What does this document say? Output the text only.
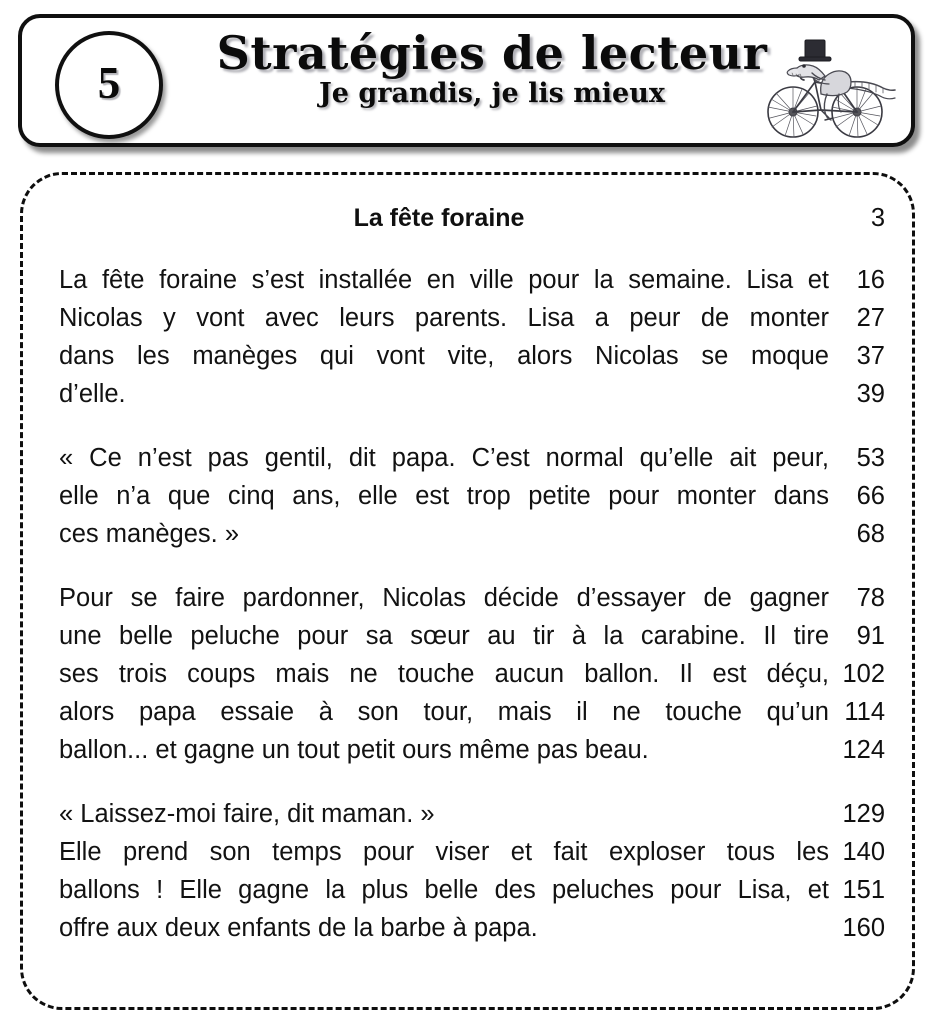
5
Stratégies de lecteur
Je grandis, je lis mieux
La fête foraine	3
La fête foraine s’est installée en ville pour la semaine. Lisa et	16
Nicolas y vont avec leurs parents. Lisa a peur de monter	27
dans les manèges qui vont vite, alors Nicolas se moque	37
d’elle.	39
« Ce n’est pas gentil, dit papa. C’est normal qu’elle ait peur,	53
elle n’a que cinq ans, elle est trop petite pour monter dans	66
ces manèges. »	68
Pour se faire pardonner, Nicolas décide d’essayer de gagner	78
une belle peluche pour sa sœur au tir à la carabine. Il tire	91
ses trois coups mais ne touche aucun ballon. Il est déçu, 102
alors papa essaie à son tour, mais il ne touche qu’un 114
ballon... et gagne un tout petit ours même pas beau.	124
« Laissez-moi faire, dit maman. »	129
Elle prend son temps pour viser et fait exploser tous les 140
ballons ! Elle gagne la plus belle des peluches pour Lisa, et 151
offre aux deux enfants de la barbe à papa.	160
